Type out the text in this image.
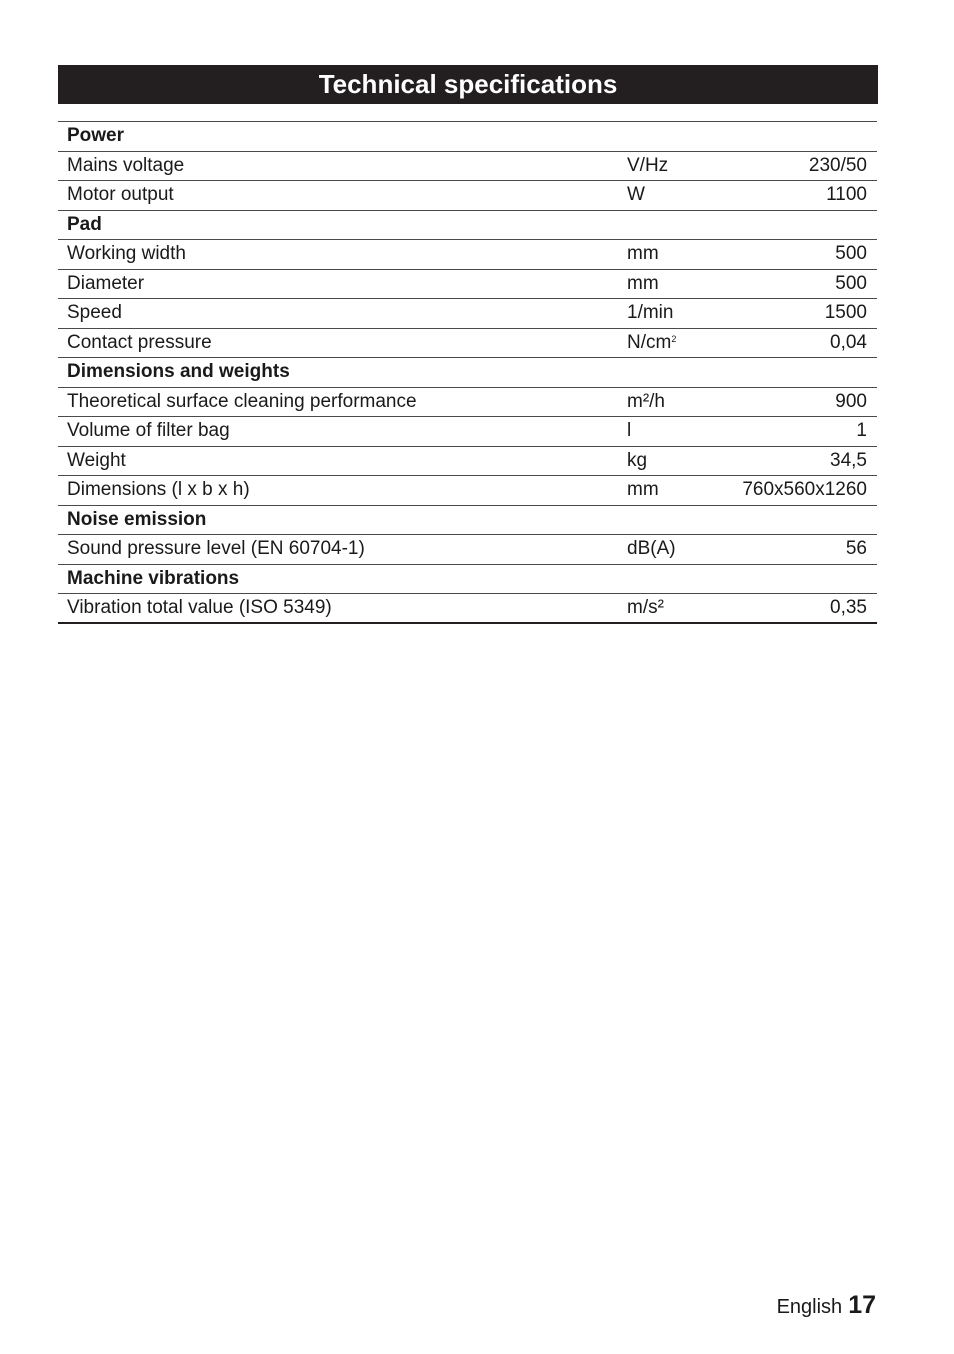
Technical specifications
Power		
Mains voltage	V/Hz	230/50
Motor output	W	1100
Pad		
Working width	mm	500
Diameter	mm	500
Speed	1/min	1500
Contact pressure	$N/cm^2$	0,04
Dimensions and weights		
Theoretical surface cleaning performance	m²/h	900
Volume of filter bag	l	1
Weight	kg	34,5
Dimensions (l x b x h)	mm	760x560x1260
Noise emission		
Sound pressure level (EN 60704-1)	dB(A)	56
Machine vibrations		
Vibration total value (ISO 5349)	m/s²	0,35
English 17
